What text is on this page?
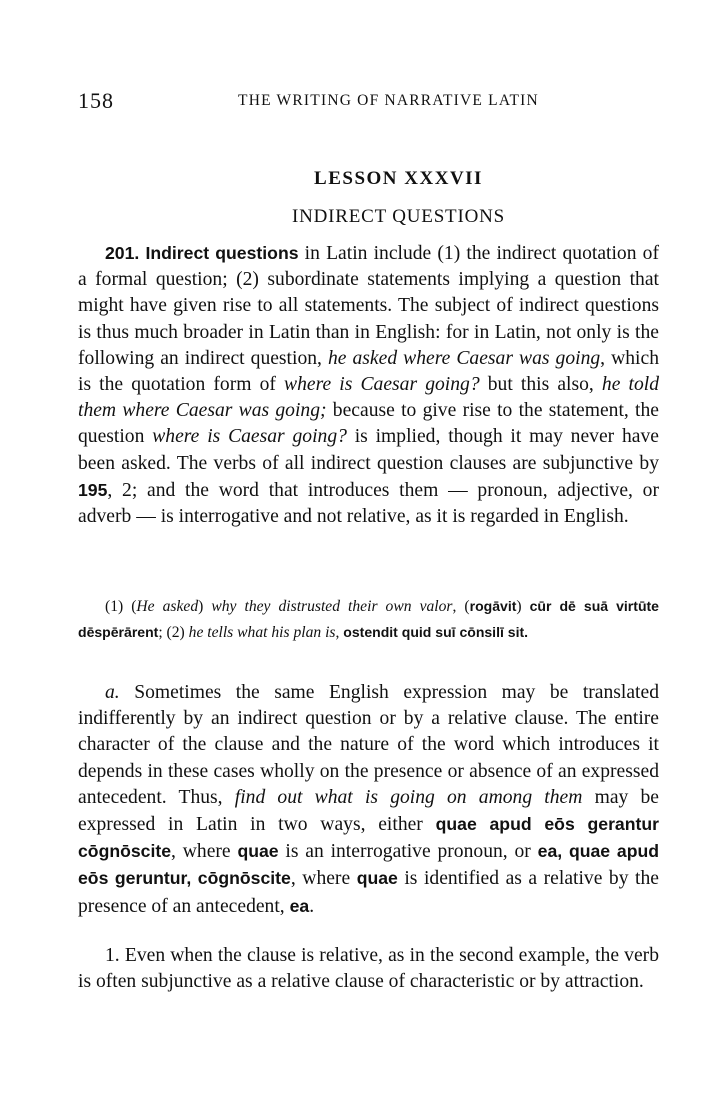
158	THE WRITING OF NARRATIVE LATIN
LESSON XXXVII
INDIRECT QUESTIONS

201. Indirect questions in Latin include (1) the indirect quotation of a formal question; (2) subordinate statements implying a question that might have given rise to all statements. The subject of indirect questions is thus much broader in Latin than in English: for in Latin, not only is the following an indirect question, he asked where Caesar was going, which is the quotation form of where is Caesar going? but this also, he told them where Caesar was going; because to give rise to the statement, the question where is Caesar going? is implied, though it may never have been asked. The verbs of all indirect question clauses are subjunctive by 195, 2; and the word that introduces them — pronoun, adjective, or adverb — is interrogative and not relative, as it is regarded in English.

(1) (He asked) why they distrusted their own valor, (rogāvit) cūr dē suā virtūte dēspērārent; (2) he tells what his plan is, ostendit quid suī cōnsilī sit.

a. Sometimes the same English expression may be translated indifferently by an indirect question or by a relative clause. The entire character of the clause and the nature of the word which introduces it depends in these cases wholly on the presence or absence of an expressed antecedent. Thus, find out what is going on among them may be expressed in Latin in two ways, either quae apud eōs gerantur cōgnōscite, where quae is an interrogative pronoun, or ea, quae apud eōs geruntur, cōgnōscite, where quae is identified as a relative by the presence of an antecedent, ea.

1. Even when the clause is relative, as in the second example, the verb is often subjunctive as a relative clause of characteristic or by attraction.
